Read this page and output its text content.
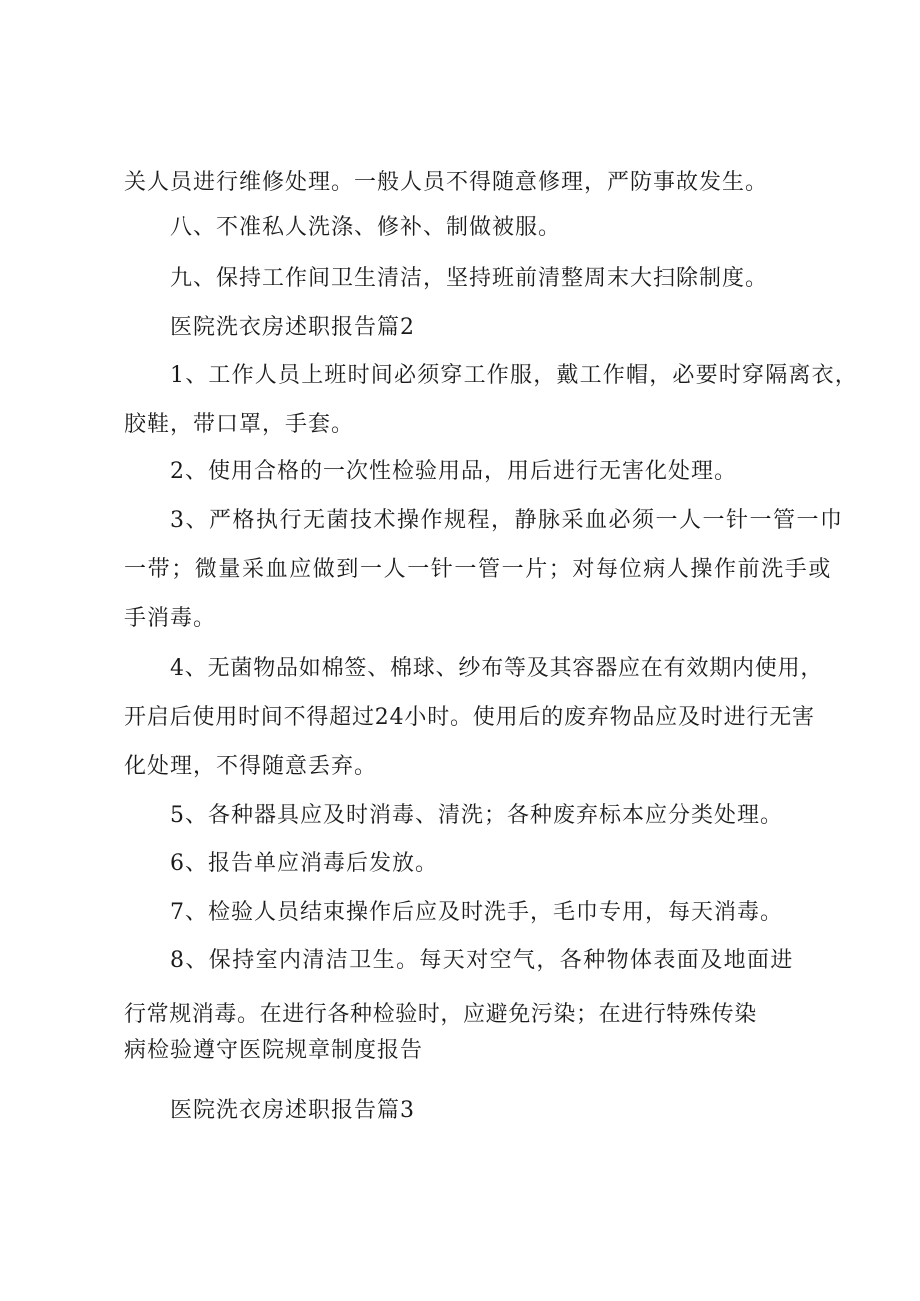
关人员进行维修处理。一般人员不得随意修理，严防事故发生。
八、不准私人洗涤、修补、制做被服。
九、保持工作间卫生清洁，坚持班前清整周末大扫除制度。
医院洗衣房述职报告篇2
1、工作人员上班时间必须穿工作服，戴工作帽，必要时穿隔离衣，
胶鞋，带口罩，手套。
2、使用合格的一次性检验用品，用后进行无害化处理。
3、严格执行无菌技术操作规程，静脉采血必须一人一针一管一巾
一带；微量采血应做到一人一针一管一片；对每位病人操作前洗手或
手消毒。
4、无菌物品如棉签、棉球、纱布等及其容器应在有效期内使用，
开启后使用时间不得超过24小时。使用后的废弃物品应及时进行无害
化处理，不得随意丢弃。
5、各种器具应及时消毒、清洗；各种废弃标本应分类处理。
6、报告单应消毒后发放。
7、检验人员结束操作后应及时洗手，毛巾专用，每天消毒。
8、保持室内清洁卫生。每天对空气，各种物体表面及地面进
行常规消毒。在进行各种检验时，应避免污染；在进行特殊传染
病检验遵守医院规章制度报告
医院洗衣房述职报告篇3
